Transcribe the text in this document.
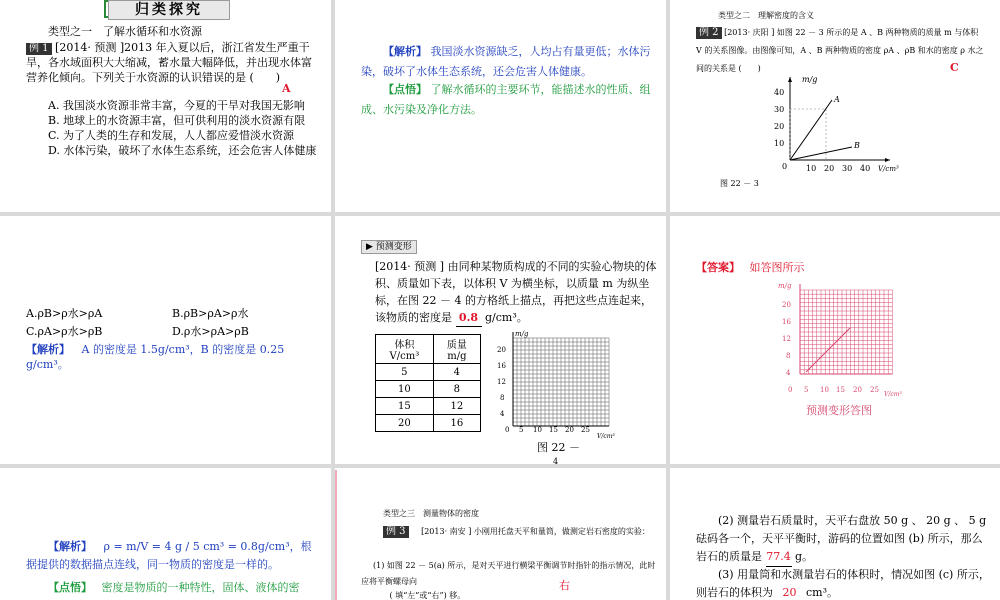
归类探究
类型之一　了解水循环和水资源
例 1 [2014· 预测 ]2013 年入夏以后，浙江省发生严重干旱，各水域面积大大缩减，蓄水量大幅降低，并出现水体富营养化倾向。下列关于水资源的认识错误的是 (　　)
A
A. 我国淡水资源非常丰富，今夏的干旱对我国无影响
B. 地球上的水资源丰富，但可供利用的淡水资源有限
C. 为了人类的生存和发展，人人都应爱惜淡水资源
D. 水体污染，破坏了水体生态系统，还会危害人体健康
【解析】 我国淡水资源缺乏，人均占有量更低；水体污染，破坏了水体生态系统，还会危害人体健康。
【点悟】 了解水循环的主要环节，能描述水的性质、组成、水污染及净化方法。
类型之二　理解密度的含义
例 2 [2013· 庆阳 ] 如图 22 － 3 所示的是 A 、B 两种物质的质量 m 与体积 V 的关系图像。由图像可知，A 、B 两种物质的密度 ρA 、ρB 和水的密度 ρ 水之间的关系是 (　　)	C
m/g
V/cm³
0
10
20
30
40
10 20 30 40
A
B
图 22 － 3
A.ρB>ρ水>ρA	B.ρB>ρA>ρ水
C.ρA>ρ水>ρB	D.ρ水>ρA>ρB
【解析】 A 的密度是 1.5g/cm³，B 的密度是 0.25 g/cm³。
▶ 预测变形
[2014· 预测 ] 由同种某物质构成的不同的实验心物块的体积、质量如下表，以体积 V 为横坐标，以质量 m 为纵坐标，在图 22 － 4 的方格纸上描点，再把这些点连起来，该物质的密度是 0.8 g/cm³。
体积 V/cm³	质量 m/g
5	4
10	8
15	12
20	16
m/g
V/cm³
0
4
8
12
16
20
5 10 15 20 25
图 22 －
4
【答案】 如答图所示
m/g
V/cm³
0
4
8
12
16
20
5 10 15 20 25
预测变形答图
【解析】 ρ = m/V = 4 g / 5 cm³ = 0.8g/cm³，根据提供的数据描点连线，同一物质的密度是一样的。
【点悟】 密度是物质的一种特性，固体、液体的密
类型之三　测量物体的密度
例 3 [2013· 南安 ] 小刚用托盘天平和量筒，做测定岩石密度的实验：
(1) 如图 22 － 5(a) 所示，是对天平进行横梁平衡调节时指针的指示情况，此时应将平衡螺母向	右
( 填“左”或“右”) 移。
(2) 测量岩石质量时，天平右盘放 50 g 、 20 g 、 5 g 砝码各一个，天平平衡时，游码的位置如图 (b) 所示，那么岩石的质量是 77.4 g。
(3) 用量筒和水测量岩石的体积时，情况如图 (c) 所示，则岩石的体积为 20 cm³。
